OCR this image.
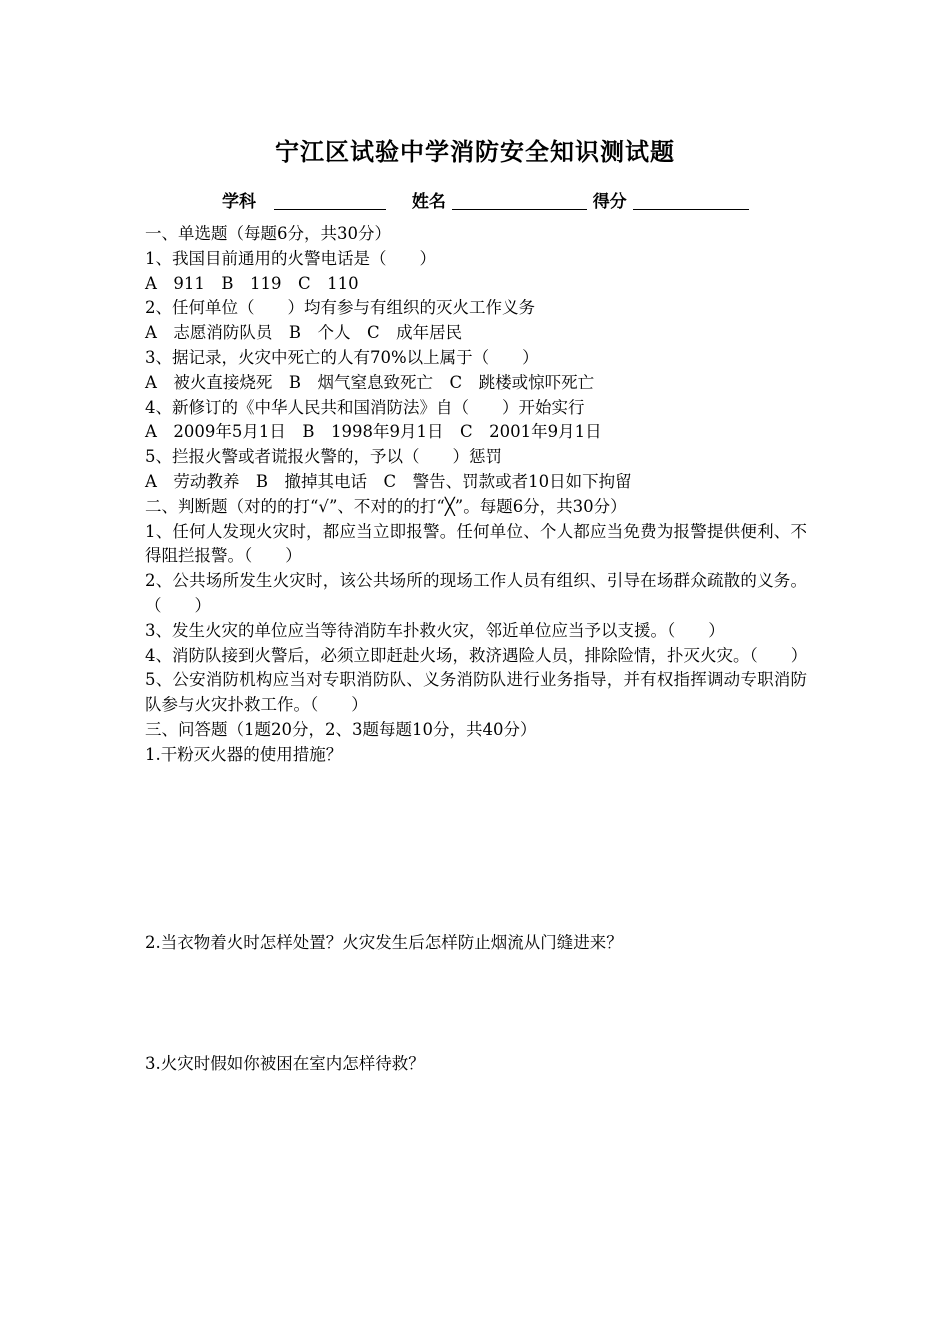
宁江区试验中学消防安全知识测试题
学科	姓名	得分

一、单选题（每题6分，共30分）

1、我国目前通用的火警电话是（　　）

A　911　B　119　C　110

2、任何单位（　　）均有参与有组织的灭火工作义务

A　志愿消防队员　B　个人　C　成年居民

3、据记录，火灾中死亡的人有70%以上属于（　　）

A　被火直接烧死　B　烟气窒息致死亡　C　跳楼或惊吓死亡

4、新修订的《中华人民共和国消防法》自（　　）开始实行

A　2009年5月1日　B　1998年9月1日　C　2001年9月1日

5、拦报火警或者谎报火警的，予以（　　）惩罚

A　劳动教养　B　撤掉其电话　C　警告、罚款或者10日如下拘留

二、判断题（对的的打“√”、不对的的打“╳”。每题6分，共30分）

1、任何人发现火灾时，都应当立即报警。任何单位、个人都应当免费为报警提供便利、不得阻拦报警。（　　）

2、公共场所发生火灾时，该公共场所的现场工作人员有组织、引导在场群众疏散的义务。（　　）

3、发生火灾的单位应当等待消防车扑救火灾，邻近单位应当予以支援。（　　）

4、消防队接到火警后，必须立即赶赴火场，救济遇险人员，排除险情，扑灭火灾。（　　）

5、公安消防机构应当对专职消防队、义务消防队进行业务指导，并有权指挥调动专职消防队参与火灾扑救工作。（　　）

三、问答题（1题20分，2、3题每题10分，共40分）

1.干粉灭火器的使用措施？

2.当衣物着火时怎样处置？火灾发生后怎样防止烟流从门缝进来？

3.火灾时假如你被困在室内怎样待救？
